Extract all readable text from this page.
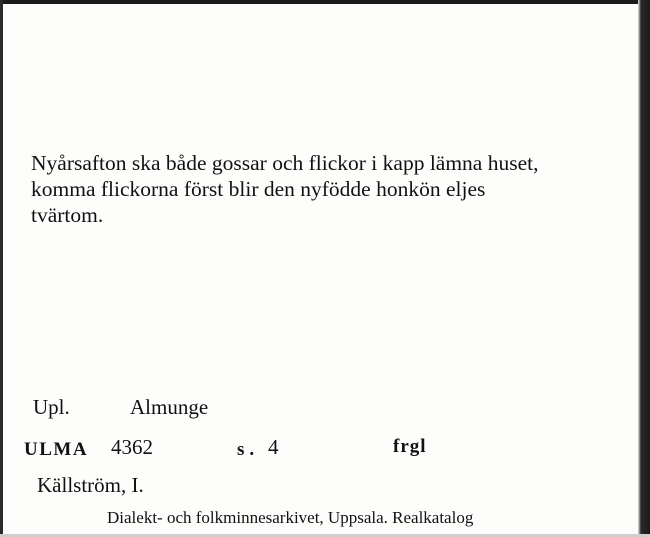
Nyårsafton ska både gossar och flickor i kapp lämna huset,
komma flickorna först blir den nyfödde honkön eljes
tvärtom.

Upl.	Almunge
ULMA 4362	s. 4	frgl
Källström, I.
Dialekt- och folkminnesarkivet, Uppsala. Realkatalog
